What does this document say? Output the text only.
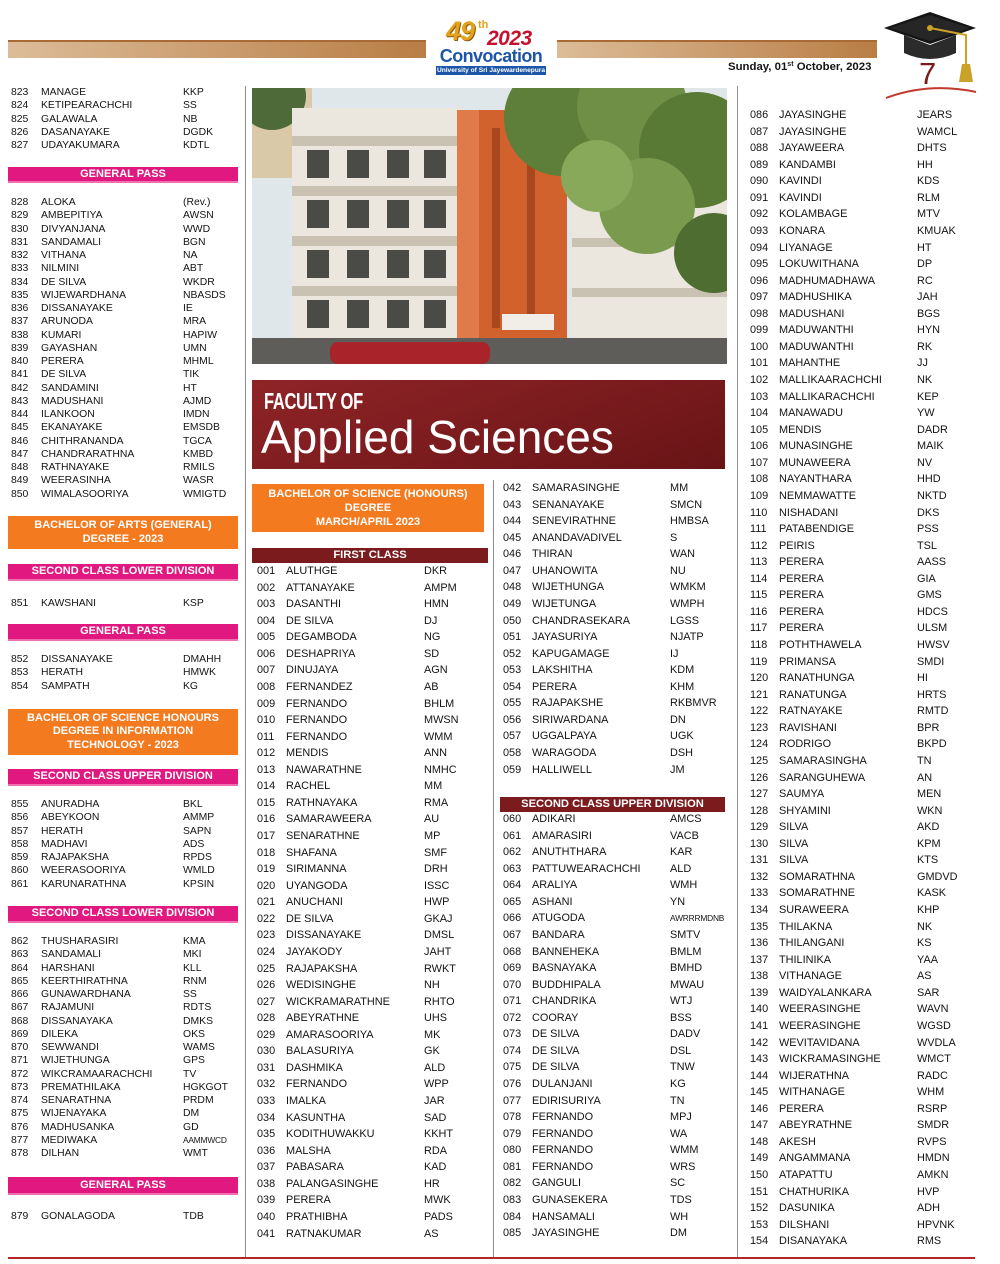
49 th
2023
Convocation
University of Sri Jayewardenepura	Sunday, 01st October, 2023 7
823 MANAGE	KKP
824 KETIPEARACHCHI	SS
825 GALAWALA	NB
826 DASANAYAKE	DGDK
827 UDAYAKUMARA	KDTL
GENERAL PASS
828 ALOKA	(Rev.)
829 AMBEPITIYA	AWSN
830 DIVYANJANA	WWD
831 SANDAMALI	BGN
832 VITHANA	NA
833 NILMINI	ABT
834 DE SILVA	WKDR
835 WIJEWARDHANA	NBASDS
836 DISSANAYAKE	IE
837 ARUNODA	MRA
838 KUMARI	HAPIW
839 GAYASHAN	UMN
840 PERERA	MHML
841 DE SILVA	TIK
842 SANDAMINI	HT
843 MADUSHANI	AJMD
844 ILANKOON	IMDN
845 EKANAYAKE	EMSDB
846 CHITHRANANDA	TGCA
847 CHANDRARATHNA	KMBD
848 RATHNAYAKE	RMILS
849 WEERASINHA	WASR
850 WIMALASOORIYA	WMIGTD
BACHELOR OF ARTS (GENERAL)
DEGREE - 2023
SECOND CLASS LOWER DIVISION
851 KAWSHANI	KSP
GENERAL PASS
852 DISSANAYAKE	DMAHH
853 HERATH	HMWK
854 SAMPATH	KG
BACHELOR OF SCIENCE HONOURS
DEGREE IN INFORMATION
TECHNOLOGY - 2023
SECOND CLASS UPPER DIVISION
855 ANURADHA	BKL
856 ABEYKOON	AMMP
857 HERATH	SAPN
858 MADHAVI	ADS
859 RAJAPAKSHA	RPDS
860 WEERASOORIYA	WMLD
861 KARUNARATHNA	KPSIN
SECOND CLASS LOWER DIVISION
862 THUSHARASIRI	KMA
863 SANDAMALI	MKI
864 HARSHANI	KLL
865 KEERTHIRATHNA	RNM
866 GUNAWARDHANA	SS
867 RAJAMUNI	RDTS
868 DISSANAYAKA	DMKS
869 DILEKA	OKS
870 SEWWANDI	WAMS
871 WIJETHUNGA	GPS
872 WIKCRAMAARACHCHI	TV
873 PREMATHILAKA	HGKGOT
874 SENARATHNA	PRDM
875 WIJENAYAKA	DM
876 MADHUSANKA	GD
877 MEDIWAKA	AAMMWCD
878 DILHAN	WMT
GENERAL PASS
879 GONALAGODA	TDB
FACULTY OF
Applied Sciences
BACHELOR OF SCIENCE (HONOURS)
DEGREE
MARCH/APRIL 2023
FIRST CLASS
001 ALUTHGE	DKR
002 ATTANAYAKE	AMPM
003 DASANTHI	HMN
004 DE SILVA	DJ
005 DEGAMBODA	NG
006 DESHAPRIYA	SD
007 DINUJAYA	AGN
008 FERNANDEZ	AB
009 FERNANDO	BHLM
010 FERNANDO	MWSN
011 FERNANDO	WMM
012 MENDIS	ANN
013 NAWARATHNE	NMHC
014 RACHEL	MM
015 RATHNAYAKA	RMA
016 SAMARAWEERA	AU
017 SENARATHNE	MP
018 SHAFANA	SMF
019 SIRIMANNA	DRH
020 UYANGODA	ISSC
021 ANUCHANI	HWP
022 DE SILVA	GKAJ
023 DISSANAYAKE	DMSL
024 JAYAKODY	JAHT
025 RAJAPAKSHA	RWKT
026 WEDISINGHE	NH
027 WICKRAMARATHNE	RHTO
028 ABEYRATHNE	UHS
029 AMARASOORIYA	MK
030 BALASURIYA	GK
031 DASHMIKA	ALD
032 FERNANDO	WPP
033 IMALKA	JAR
034 KASUNTHA	SAD
035 KODITHUWAKKU	KKHT
036 MALSHA	RDA
037 PABASARA	KAD
038 PALANGASINGHE	HR
039 PERERA	MWK
040 PRATHIBHA	PADS
041 RATNAKUMAR	AS
042 SAMARASINGHE	MM
043 SENANAYAKE	SMCN
044 SENEVIRATHNE	HMBSA
045 ANANDAVADIVEL	S
046 THIRAN	WAN
047 UHANOWITA	NU
048 WIJETHUNGA	WMKM
049 WIJETUNGA	WMPH
050 CHANDRASEKARA	LGSS
051 JAYASURIYA	NJATP
052 KAPUGAMAGE	IJ
053 LAKSHITHA	KDM
054 PERERA	KHM
055 RAJAPAKSHE	RKBMVR
056 SIRIWARDANA	DN
057 UGGALPAYA	UGK
058 WARAGODA	DSH
059 HALLIWELL	JM
SECOND CLASS UPPER DIVISION
060 ADIKARI	AMCS
061 AMARASIRI	VACB
062 ANUTHTHARA	KAR
063 PATTUWEARACHCHI	ALD
064 ARALIYA	WMH
065 ASHANI	YN
066 ATUGODA	AWRRRMDNB
067 BANDARA	SMTV
068 BANNEHEKA	BMLM
069 BASNAYAKA	BMHD
070 BUDDHIPALA	MWAU
071 CHANDRIKA	WTJ
072 COORAY	BSS
073 DE SILVA	DADV
074 DE SILVA	DSL
075 DE SILVA	TNW
076 DULANJANI	KG
077 EDIRISURIYA	TN
078 FERNANDO	MPJ
079 FERNANDO	WA
080 FERNANDO	WMM
081 FERNANDO	WRS
082 GANGULI	SC
083 GUNASEKERA	TDS
084 HANSAMALI	WH
085 JAYASINGHE	DM
086 JAYASINGHE	JEARS
087 JAYASINGHE	WAMCL
088 JAYAWEERA	DHTS
089 KANDAMBI	HH
090 KAVINDI	KDS
091 KAVINDI	RLM
092 KOLAMBAGE	MTV
093 KONARA	KMUAK
094 LIYANAGE	HT
095 LOKUWITHANA	DP
096 MADHUMADHAWA	RC
097 MADHUSHIKA	JAH
098 MADUSHANI	BGS
099 MADUWANTHI	HYN
100 MADUWANTHI	RK
101 MAHANTHE	JJ
102 MALLIKAARACHCHI	NK
103 MALLIKARACHCHI	KEP
104 MANAWADU	YW
105 MENDIS	DADR
106 MUNASINGHE	MAIK
107 MUNAWEERA	NV
108 NAYANTHARA	HHD
109 NEMMAWATTE	NKTD
110 NISHADANI	DKS
111 PATABENDIGE	PSS
112 PEIRIS	TSL
113 PERERA	AASS
114 PERERA	GIA
115 PERERA	GMS
116 PERERA	HDCS
117 PERERA	ULSM
118 POTHTHAWELA	HWSV
119 PRIMANSA	SMDI
120 RANATHUNGA	HI
121 RANATUNGA	HRTS
122 RATNAYAKE	RMTD
123 RAVISHANI	BPR
124 RODRIGO	BKPD
125 SAMARASINGHA	TN
126 SARANGUHEWA	AN
127 SAUMYA	MEN
128 SHYAMINI	WKN
129 SILVA	AKD
130 SILVA	KPM
131 SILVA	KTS
132 SOMARATHNA	GMDVD
133 SOMARATHNE	KASK
134 SURAWEERA	KHP
135 THILAKNA	NK
136 THILANGANI	KS
137 THILINIKA	YAA
138 VITHANAGE	AS
139 WAIDYALANKARA	SAR
140 WEERASINGHE	WAVN
141 WEERASINGHE	WGSD
142 WEVITAVIDANA	WVDLA
143 WICKRAMASINGHE	WMCT
144 WIJERATHNA	RADC
145 WITHANAGE	WHM
146 PERERA	RSRP
147 ABEYRATHNE	SMDR
148 AKESH	RVPS
149 ANGAMMANA	HMDN
150 ATAPATTU	AMKN
151 CHATHURIKA	HVP
152 DASUNIKA	ADH
153 DILSHANI	HPVNK
154 DISANAYAKA	RMS
